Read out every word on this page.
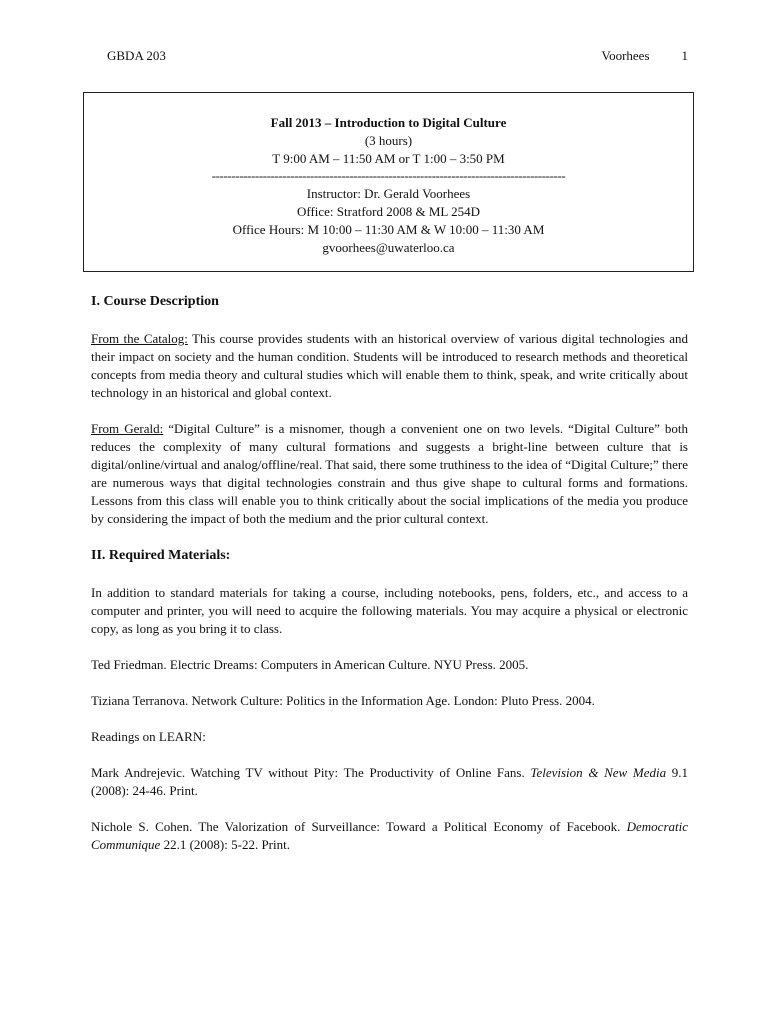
GBDA 203	Voorhees 1
Fall 2013 – Introduction to Digital Culture
(3 hours)
T 9:00 AM – 11:50 AM or T 1:00 – 3:50 PM
------------------------------------------------------------------------------------------
Instructor: Dr. Gerald Voorhees
Office: Stratford 2008 & ML 254D
Office Hours: M 10:00 – 11:30 AM & W 10:00 – 11:30 AM
gvoorhees@uwaterloo.ca
I. Course Description

From the Catalog: This course provides students with an historical overview of various digital technologies and their impact on society and the human condition. Students will be introduced to research methods and theoretical concepts from media theory and cultural studies which will enable them to think, speak, and write critically about technology in an historical and global context.

From Gerald: “Digital Culture” is a misnomer, though a convenient one on two levels. “Digital Culture” both reduces the complexity of many cultural formations and suggests a bright-line between culture that is digital/online/virtual and analog/offline/real. That said, there some truthiness to the idea of “Digital Culture;” there are numerous ways that digital technologies constrain and thus give shape to cultural forms and formations. Lessons from this class will enable you to think critically about the social implications of the media you produce by considering the impact of both the medium and the prior cultural context.

II. Required Materials:

In addition to standard materials for taking a course, including notebooks, pens, folders, etc., and access to a computer and printer, you will need to acquire the following materials. You may acquire a physical or electronic copy, as long as you bring it to class.

Ted Friedman. Electric Dreams: Computers in American Culture. NYU Press. 2005.

Tiziana Terranova. Network Culture: Politics in the Information Age. London: Pluto Press. 2004.

Readings on LEARN:

Mark Andrejevic. Watching TV without Pity: The Productivity of Online Fans. Television & New Media 9.1 (2008): 24-46. Print.

Nichole S. Cohen. The Valorization of Surveillance: Toward a Political Economy of Facebook. Democratic Communique 22.1 (2008): 5-22. Print.
